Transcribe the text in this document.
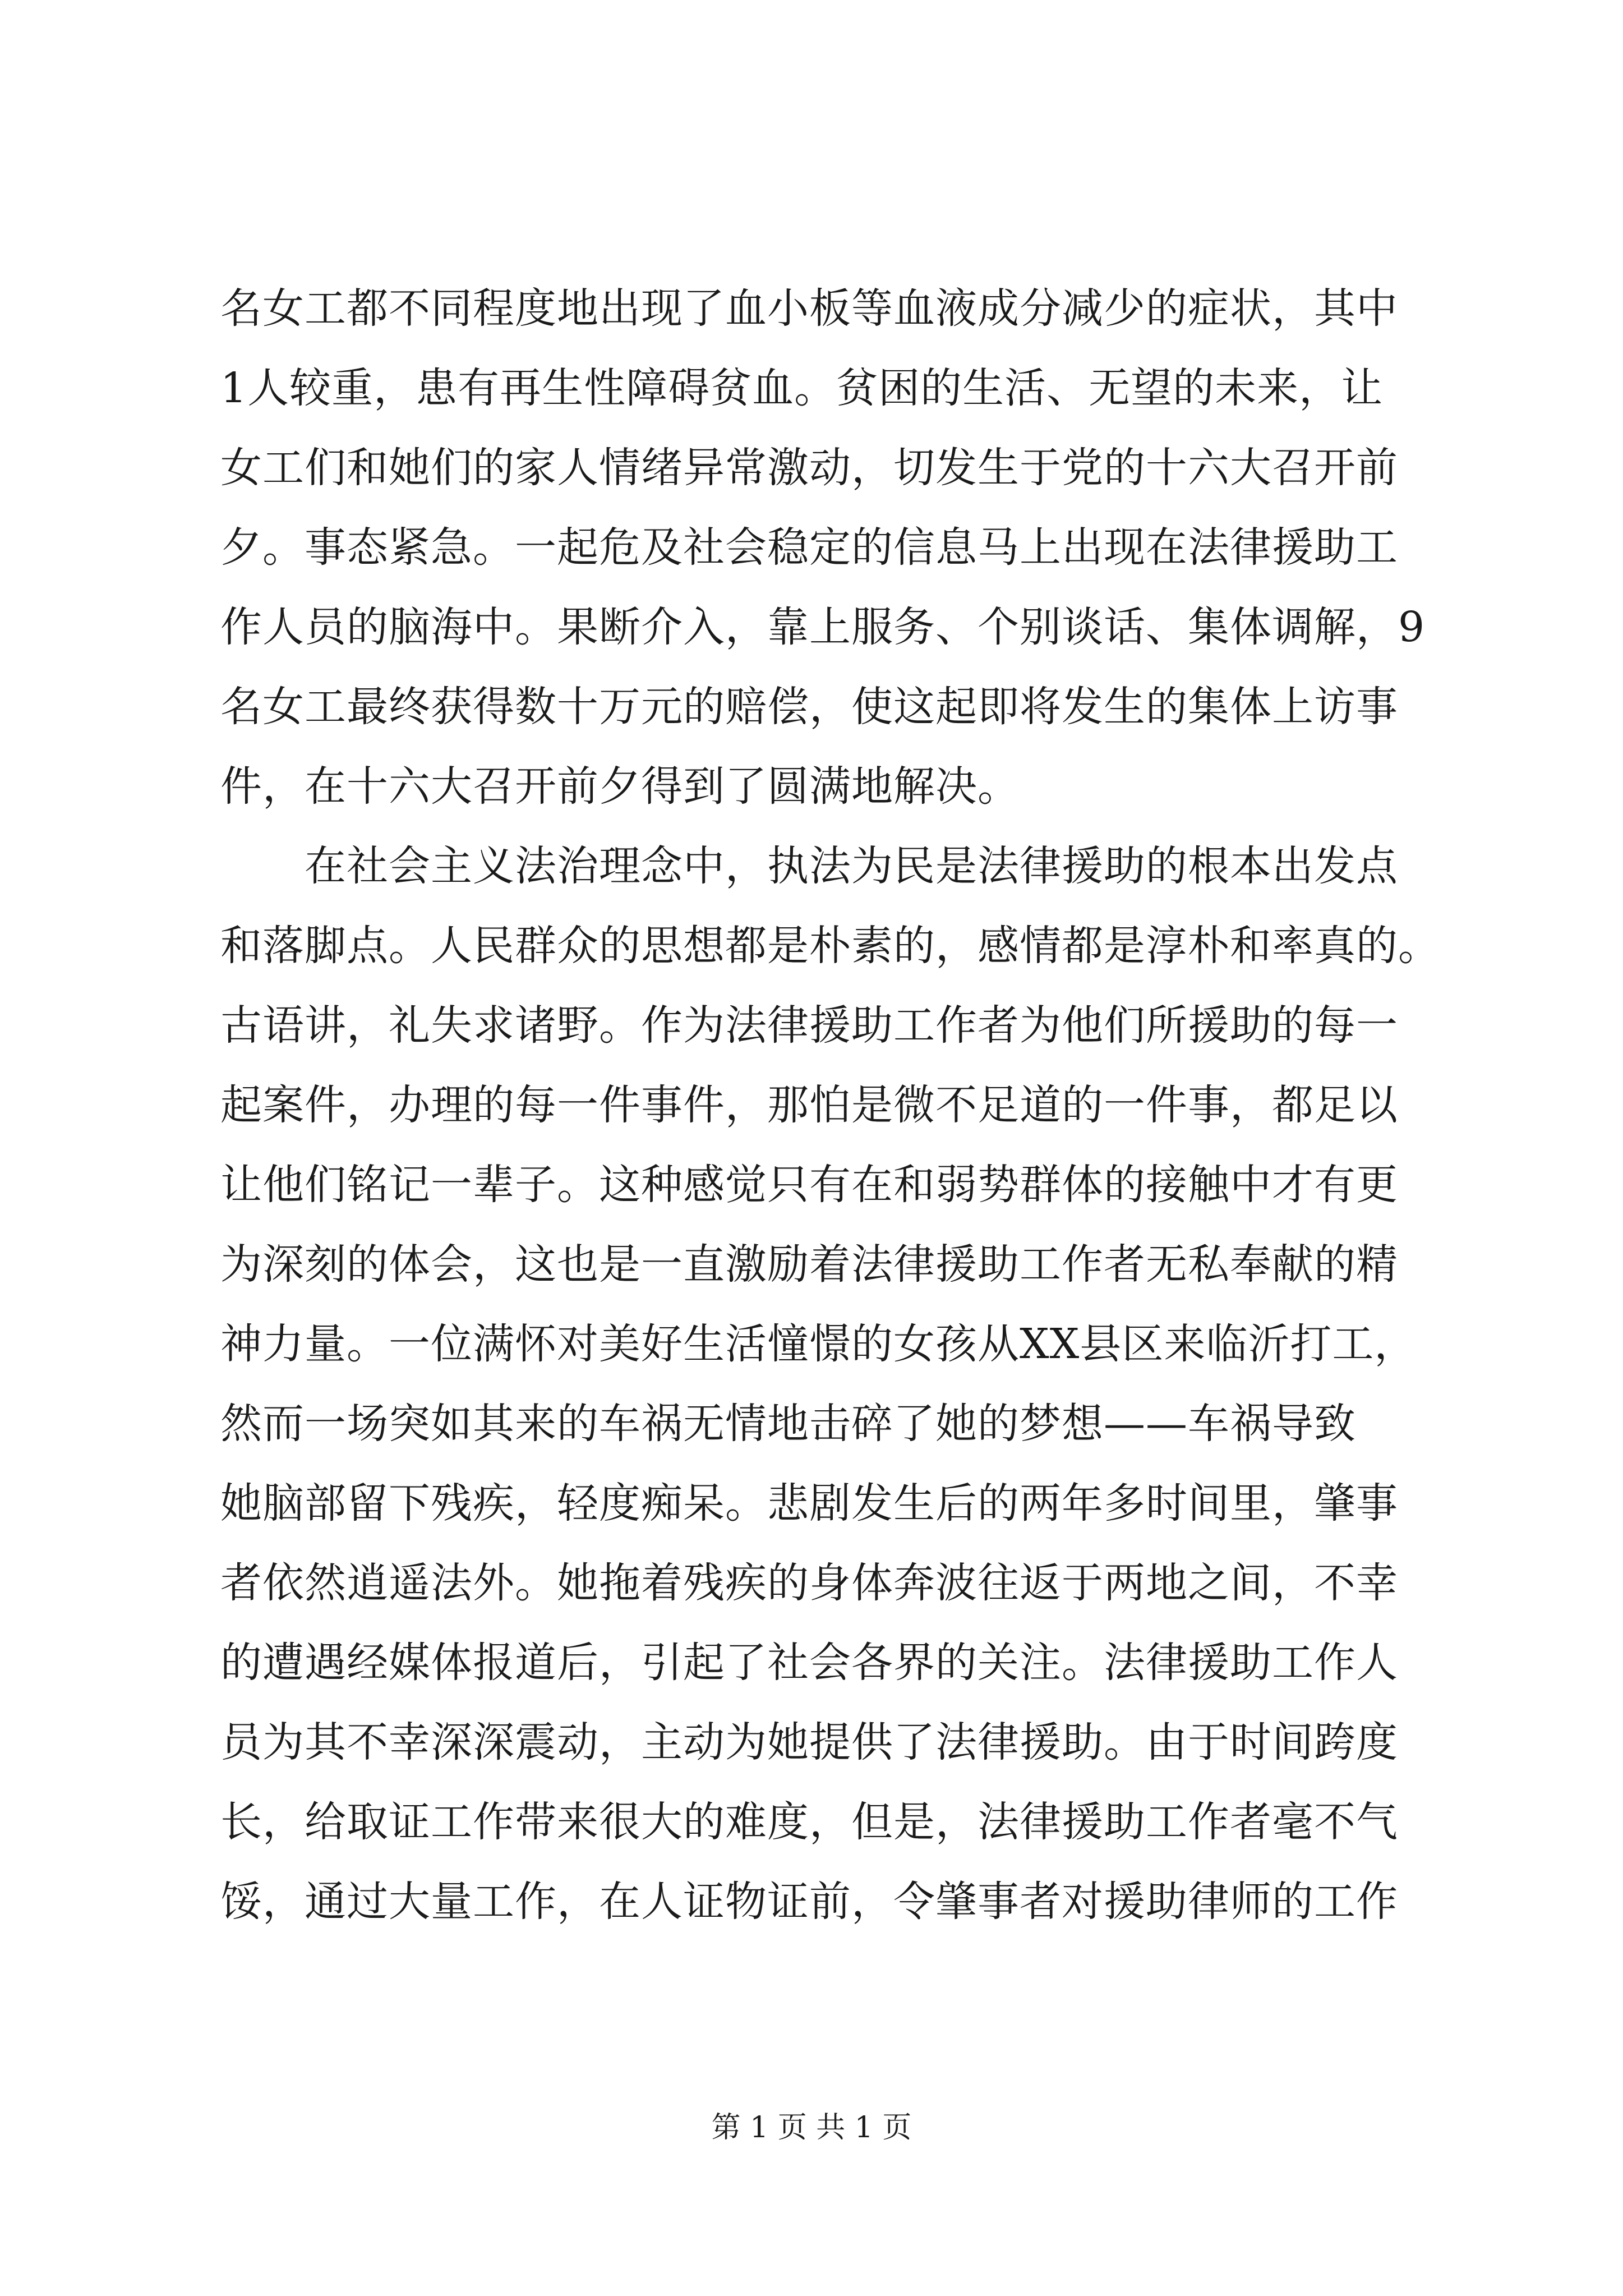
名女工都不同程度地出现了血小板等血液成分减少的症状，其中
1人较重，患有再生性障碍贫血。贫困的生活、无望的未来，让
女工们和她们的家人情绪异常激动，切发生于党的十六大召开前
夕。事态紧急。一起危及社会稳定的信息马上出现在法律援助工
作人员的脑海中。果断介入，靠上服务、个别谈话、集体调解，9
名女工最终获得数十万元的赔偿，使这起即将发生的集体上访事
件，在十六大召开前夕得到了圆满地解决。
　　在社会主义法治理念中，执法为民是法律援助的根本出发点
和落脚点。人民群众的思想都是朴素的，感情都是淳朴和率真的。
古语讲，礼失求诸野。作为法律援助工作者为他们所援助的每一
起案件，办理的每一件事件，那怕是微不足道的一件事，都足以
让他们铭记一辈子。这种感觉只有在和弱势群体的接触中才有更
为深刻的体会，这也是一直激励着法律援助工作者无私奉献的精
神力量。一位满怀对美好生活憧憬的女孩从XX县区来临沂打工，
然而一场突如其来的车祸无情地击碎了她的梦想——车祸导致
她脑部留下残疾，轻度痴呆。悲剧发生后的两年多时间里，肇事
者依然逍遥法外。她拖着残疾的身体奔波往返于两地之间，不幸
的遭遇经媒体报道后，引起了社会各界的关注。法律援助工作人
员为其不幸深深震动，主动为她提供了法律援助。由于时间跨度
长，给取证工作带来很大的难度，但是，法律援助工作者毫不气
馁，通过大量工作，在人证物证前，令肇事者对援助律师的工作
第 1 页 共 1 页
